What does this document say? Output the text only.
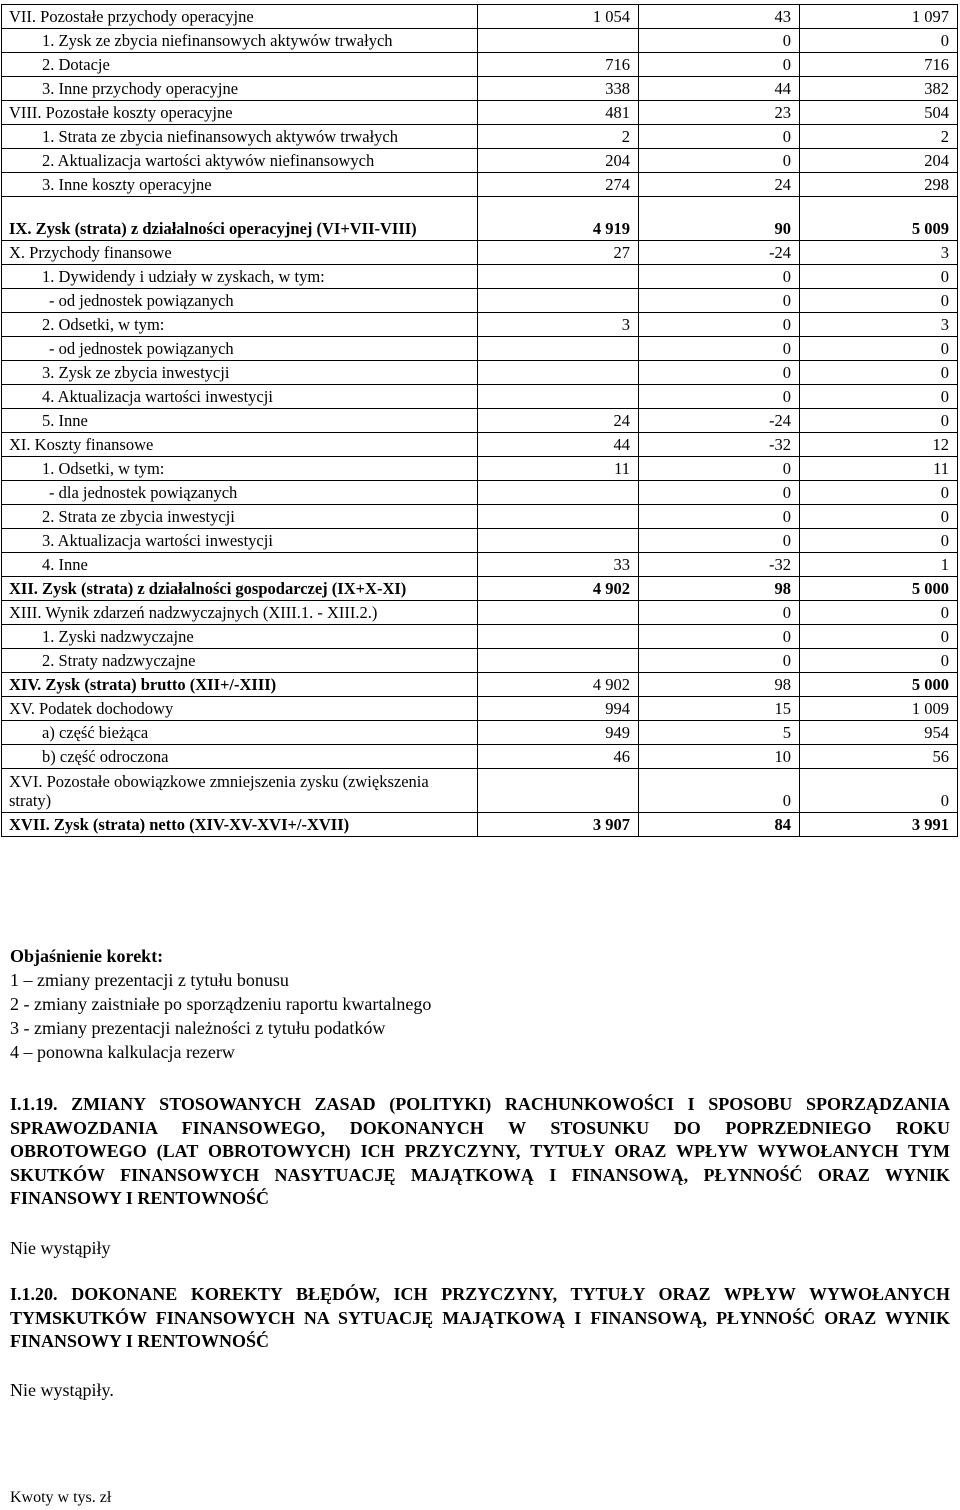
VII. Pozostałe przychody operacyjne	1 054	43	1 097
1. Zysk ze zbycia niefinansowych aktywów trwałych		0	0
2. Dotacje	716	0	716
3. Inne przychody operacyjne	338	44	382
VIII. Pozostałe koszty operacyjne	481	23	504
1. Strata ze zbycia niefinansowych aktywów trwałych	2	0	2
2. Aktualizacja wartości aktywów niefinansowych	204	0	204
3. Inne koszty operacyjne	274	24	298
IX. Zysk (strata) z działalności operacyjnej (VI+VII-VIII)	4 919	90	5 009
X. Przychody finansowe	27	-24	3
1. Dywidendy i udziały w zyskach, w tym:		0	0
- od jednostek powiązanych		0	0
2. Odsetki, w tym:	3	0	3
- od jednostek powiązanych		0	0
3. Zysk ze zbycia inwestycji		0	0
4. Aktualizacja wartości inwestycji		0	0
5. Inne	24	-24	0
XI. Koszty finansowe	44	-32	12
1. Odsetki, w tym:	11	0	11
- dla jednostek powiązanych		0	0
2. Strata ze zbycia inwestycji		0	0
3. Aktualizacja wartości inwestycji		0	0
4. Inne	33	-32	1
XII. Zysk (strata) z działalności gospodarczej (IX+X-XI)	4 902	98	5 000
XIII. Wynik zdarzeń nadzwyczajnych (XIII.1. - XIII.2.)		0	0
1. Zyski nadzwyczajne		0	0
2. Straty nadzwyczajne		0	0
XIV. Zysk (strata) brutto (XII+/-XIII)	4 902	98	5 000
XV. Podatek dochodowy	994	15	1 009
a) część bieżąca	949	5	954
b) część odroczona	46	10	56
XVI. Pozostałe obowiązkowe zmniejszenia zysku (zwiększenia straty)		0	0
XVII. Zysk (strata) netto (XIV-XV-XVI+/-XVII)	3 907	84	3 991
Objaśnienie korekt:
1 – zmiany prezentacji z tytułu bonusu
2 - zmiany zaistniałe po sporządzeniu raportu kwartalnego
3 - zmiany prezentacji należności z tytułu podatków
4 – ponowna kalkulacja rezerw
I.1.19. ZMIANY STOSOWANYCH ZASAD (POLITYKI) RACHUNKOWOŚCI I SPOSOBU SPORZĄDZANIA SPRAWOZDANIA FINANSOWEGO, DOKONANYCH W STOSUNKU DO POPRZEDNIEGO ROKU OBROTOWEGO (LAT OBROTOWYCH) ICH PRZYCZYNY, TYTUŁY ORAZ WPŁYW WYWOŁANYCH TYM SKUTKÓW FINANSOWYCH NASYTUACJĘ MAJĄTKOWĄ I FINANSOWĄ, PŁYNNOŚĆ ORAZ WYNIK FINANSOWY I RENTOWNOŚĆ
Nie wystąpiły
I.1.20. DOKONANE KOREKTY BŁĘDÓW, ICH PRZYCZYNY, TYTUŁY ORAZ WPŁYW WYWOŁANYCH TYMSKUTKÓW FINANSOWYCH NA SYTUACJĘ MAJĄTKOWĄ I FINANSOWĄ, PŁYNNOŚĆ ORAZ WYNIK FINANSOWY I RENTOWNOŚĆ
Nie wystąpiły.
Kwoty w tys. zł
